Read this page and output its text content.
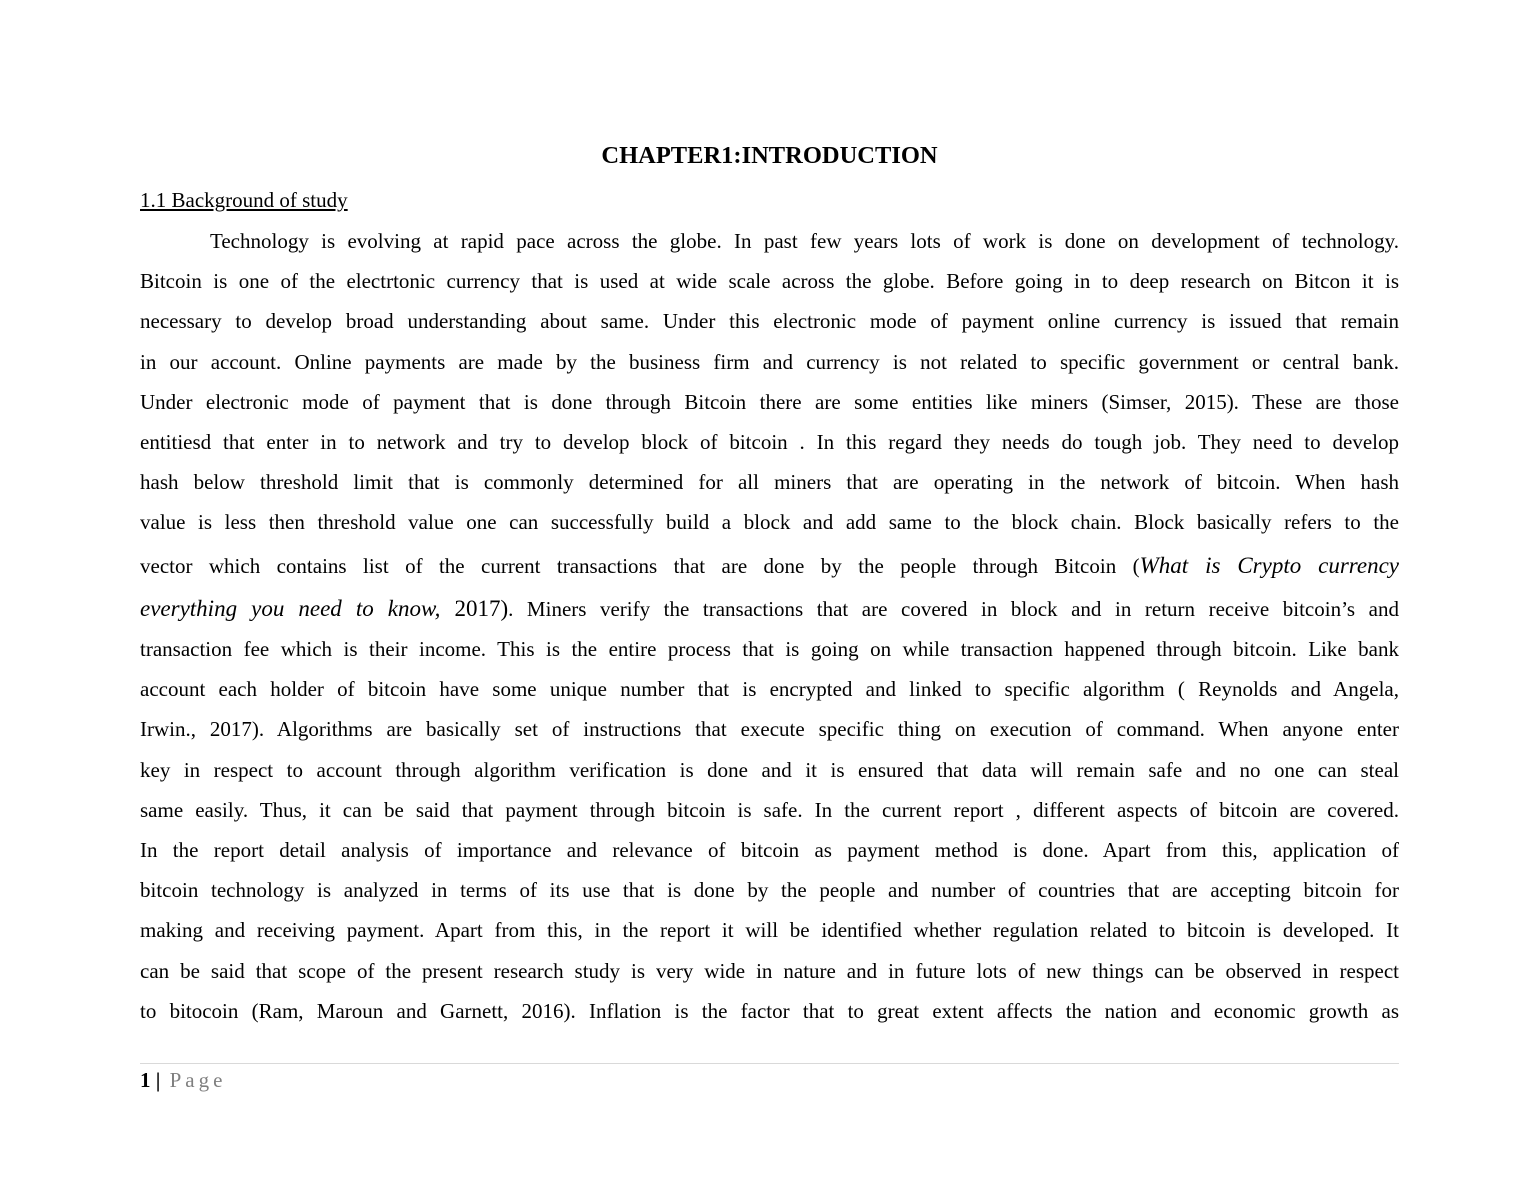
CHAPTER1:INTRODUCTION
1.1 Background of study
Technology is evolving at rapid pace across the globe. In past few years lots of work is done on development of technology.
Bitcoin is one of the electrtonic currency that is used at wide scale across the globe. Before going in to deep research on Bitcon it is
necessary to develop broad understanding about same. Under this electronic mode of payment online currency is issued that remain
in our account. Online payments are made by the business firm and currency is not related to specific government or central bank.
Under electronic mode of payment that is done through Bitcoin there are some entities like miners (Simser, 2015). These are those
entitiesd that enter in to network and try to develop block of bitcoin . In this regard they needs do tough job. They need to develop
hash below threshold limit that is commonly determined for all miners that are operating in the network of bitcoin. When hash
value is less then threshold value one can successfully build a block and add same to the block chain. Block basically refers to the
vector which contains list of the current transactions that are done by the people through Bitcoin (What is Crypto currency
everything you need to know, 2017). Miners verify the transactions that are covered in block and in return receive bitcoin’s and
transaction fee which is their income. This is the entire process that is going on while transaction happened through bitcoin. Like bank
account each holder of bitcoin have some unique number that is encrypted and linked to specific algorithm ( Reynolds and Angela,
Irwin., 2017). Algorithms are basically set of instructions that execute specific thing on execution of command. When anyone enter
key in respect to account through algorithm verification is done and it is ensured that data will remain safe and no one can steal
same easily. Thus, it can be said that payment through bitcoin is safe. In the current report , different aspects of bitcoin are covered.
In the report detail analysis of importance and relevance of bitcoin as payment method is done. Apart from this, application of
bitcoin technology is analyzed in terms of its use that is done by the people and number of countries that are accepting bitcoin for
making and receiving payment. Apart from this, in the report it will be identified whether regulation related to bitcoin is developed. It
can be said that scope of the present research study is very wide in nature and in future lots of new things can be observed in respect
to bitocoin (Ram, Maroun and Garnett, 2016). Inflation is the factor that to great extent affects the nation and economic growth as
1 | Page
